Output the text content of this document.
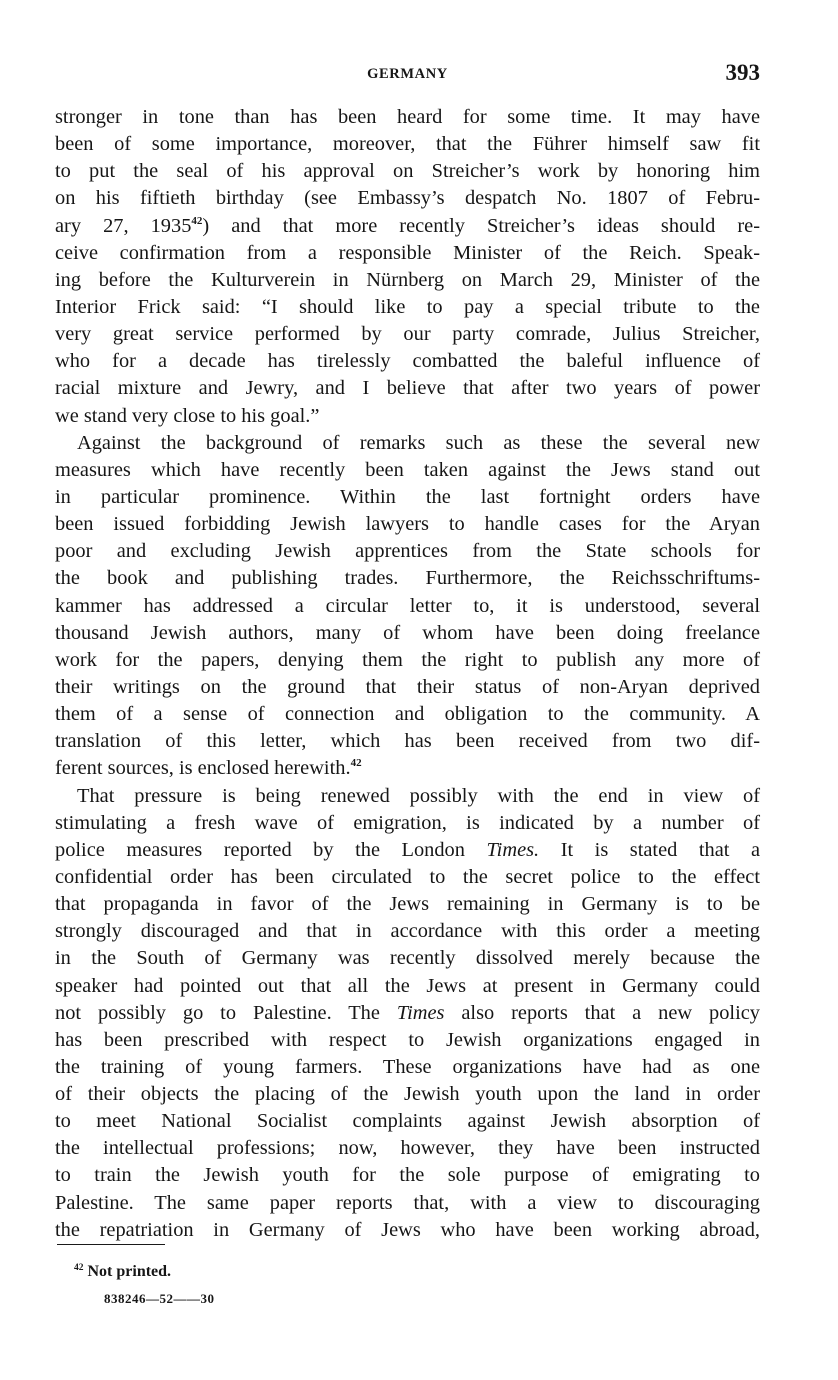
GERMANY	393
stronger in tone than has been heard for some time. It may have
been of some importance, moreover, that the Führer himself saw fit
to put the seal of his approval on Streicher’s work by honoring him
on his fiftieth birthday (see Embassy’s despatch No. 1807 of Febru-
ary 27, 1935$^{42}$) and that more recently Streicher’s ideas should re-
ceive confirmation from a responsible Minister of the Reich. Speak-
ing before the Kulturverein in Nürnberg on March 29, Minister of the
Interior Frick said: “I should like to pay a special tribute to the
very great service performed by our party comrade, Julius Streicher,
who for a decade has tirelessly combatted the baleful influence of
racial mixture and Jewry, and I believe that after two years of power
we stand very close to his goal.”
Against the background of remarks such as these the several new
measures which have recently been taken against the Jews stand out
in particular prominence. Within the last fortnight orders have
been issued forbidding Jewish lawyers to handle cases for the Aryan
poor and excluding Jewish apprentices from the State schools for
the book and publishing trades. Furthermore, the Reichsschriftums-
kammer has addressed a circular letter to, it is understood, several
thousand Jewish authors, many of whom have been doing freelance
work for the papers, denying them the right to publish any more of
their writings on the ground that their status of non-Aryan deprived
them of a sense of connection and obligation to the community. A
translation of this letter, which has been received from two dif-
ferent sources, is enclosed herewith.$^{42}$
That pressure is being renewed possibly with the end in view of
stimulating a fresh wave of emigration, is indicated by a number of
police measures reported by the London Times. It is stated that a
confidential order has been circulated to the secret police to the effect
that propaganda in favor of the Jews remaining in Germany is to be
strongly discouraged and that in accordance with this order a meeting
in the South of Germany was recently dissolved merely because the
speaker had pointed out that all the Jews at present in Germany could
not possibly go to Palestine. The Times also reports that a new policy
has been prescribed with respect to Jewish organizations engaged in
the training of young farmers. These organizations have had as one
of their objects the placing of the Jewish youth upon the land in order
to meet National Socialist complaints against Jewish absorption of
the intellectual professions; now, however, they have been instructed
to train the Jewish youth for the sole purpose of emigrating to
Palestine. The same paper reports that, with a view to discouraging
the repatriation in Germany of Jews who have been working abroad,
$^{42}$ Not printed.
838246—52——30
